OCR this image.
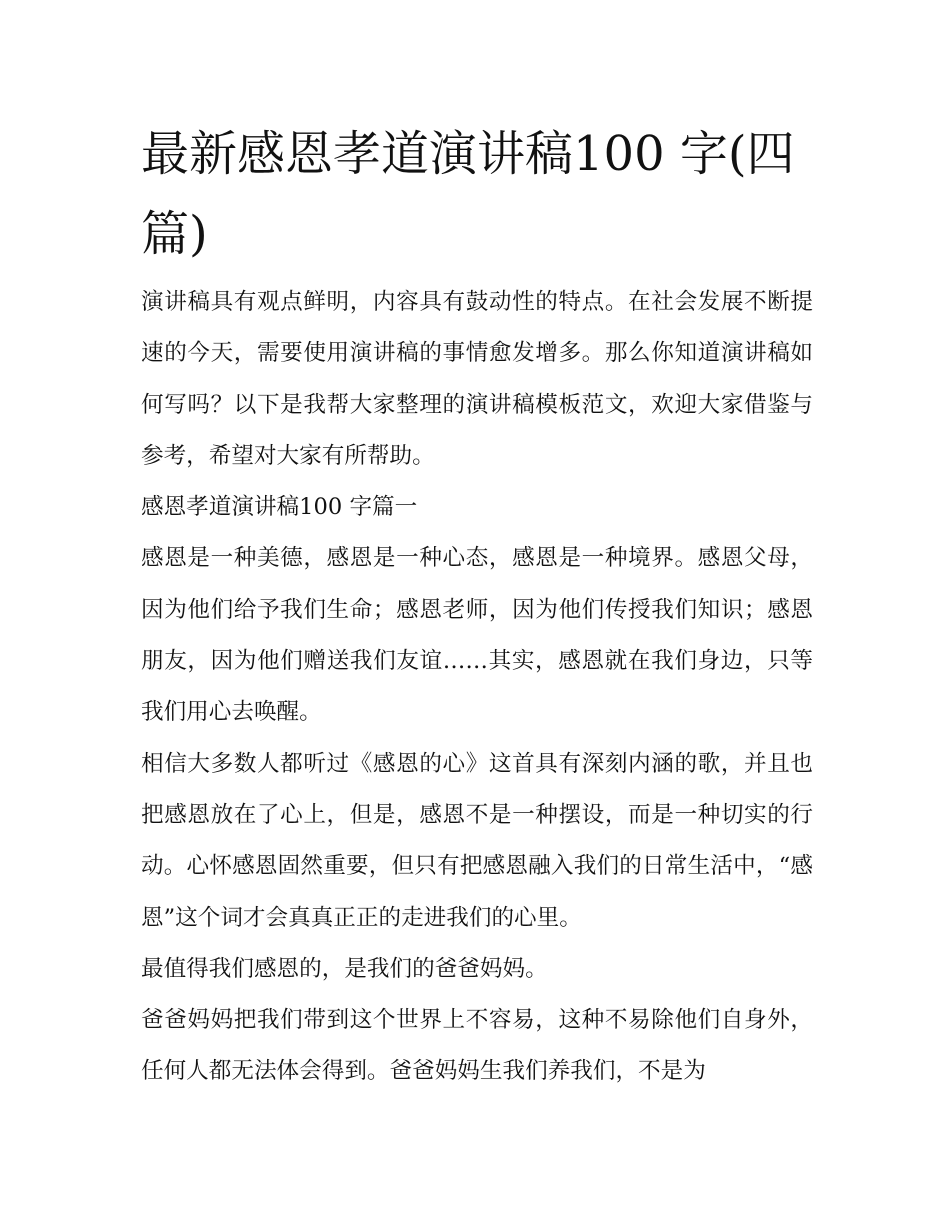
最新感恩孝道演讲稿100 字(四篇)

演讲稿具有观点鲜明，内容具有鼓动性的特点。在社会发展不断提速的今天，需要使用演讲稿的事情愈发增多。那么你知道演讲稿如何写吗？以下是我帮大家整理的演讲稿模板范文，欢迎大家借鉴与参考，希望对大家有所帮助。

感恩孝道演讲稿100 字篇一

感恩是一种美德，感恩是一种心态，感恩是一种境界。感恩父母，因为他们给予我们生命；感恩老师，因为他们传授我们知识；感恩朋友，因为他们赠送我们友谊……其实，感恩就在我们身边，只等我们用心去唤醒。

相信大多数人都听过《感恩的心》这首具有深刻内涵的歌，并且也把感恩放在了心上，但是，感恩不是一种摆设，而是一种切实的行动。心怀感恩固然重要，但只有把感恩融入我们的日常生活中，“感恩”这个词才会真真正正的走进我们的心里。

最值得我们感恩的，是我们的爸爸妈妈。

爸爸妈妈把我们带到这个世界上不容易，这种不易除他们自身外，任何人都无法体会得到。爸爸妈妈生我们养我们，不是为
